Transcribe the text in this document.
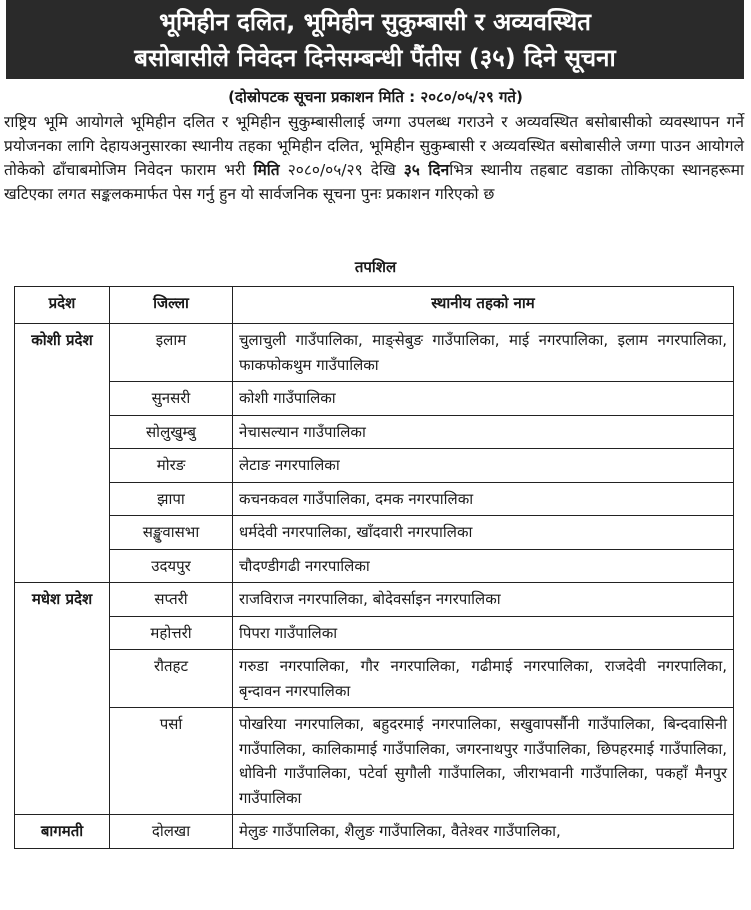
भूमिहीन दलित, भूमिहीन सुकुम्बासी र अव्यवस्थित
बसोबासीले निवेदन दिनेसम्बन्धी पैंतीस (३५) दिने सूचना
(दोस्रोपटक सूचना प्रकाशन मिति : २०८०/०५/२९ गते)
राष्ट्रिय भूमि आयोगले भूमिहीन दलित र भूमिहीन सुकुम्बासीलाई जग्गा उपलब्ध गराउने र अव्यवस्थित बसोबासीको व्यवस्थापन गर्ने प्रयोजनका लागि देहायअनुसारका स्थानीय तहका भूमिहीन दलित, भूमिहीन सुकुम्बासी र अव्यवस्थित बसोबासीले जग्गा पाउन आयोगले तोकेको ढाँचाबमोजिम निवेदन फाराम भरी मिति २०८०/०५/२९ देखि ३५ दिनभित्र स्थानीय तहबाट वडाका तोकिएका स्थानहरूमा खटिएका लगत सङ्कलकमार्फत पेस गर्नु हुन यो सार्वजनिक सूचना पुनः प्रकाशन गरिएको छ
तपशिल
प्रदेश	जिल्ला	स्थानीय तहको नाम
कोशी प्रदेश	इलाम	चुलाचुली गाउँपालिका, माङ्सेबुङ गाउँपालिका, माई नगरपालिका, इलाम नगरपालिका, फाकफोकथुम गाउँपालिका
	सुनसरी	कोशी गाउँपालिका
	सोलुखुम्बु	नेचासल्यान गाउँपालिका
	मोरङ	लेटाङ नगरपालिका
	झापा	कचनकवल गाउँपालिका, दमक नगरपालिका
	सङ्खुवासभा	धर्मदेवी नगरपालिका, खाँदवारी नगरपालिका
	उदयपुर	चौदण्डीगढी नगरपालिका
मधेश प्रदेश	सप्तरी	राजविराज नगरपालिका, बोदेवर्साइन नगरपालिका
	महोत्तरी	पिपरा गाउँपालिका
	रौतहट	गरुडा नगरपालिका, गौर नगरपालिका, गढीमाई नगरपालिका, राजदेवी नगरपालिका, बृन्दावन नगरपालिका
	पर्सा	पोखरिया नगरपालिका, बहुदरमाई नगरपालिका, सखुवापर्सौनी गाउँपालिका, बिन्दवासिनी गाउँपालिका, कालिकामाई गाउँपालिका, जगरनाथपुर गाउँपालिका, छिपहरमाई गाउँपालिका, धोविनी गाउँपालिका, पटेर्वा सुगौली गाउँपालिका, जीराभवानी गाउँपालिका, पकहाँ मैनपुर गाउँपालिका
बागमती	दोलखा	मेलुङ गाउँपालिका, शैलुङ गाउँपालिका, वैतेश्वर गाउँपालिका,
